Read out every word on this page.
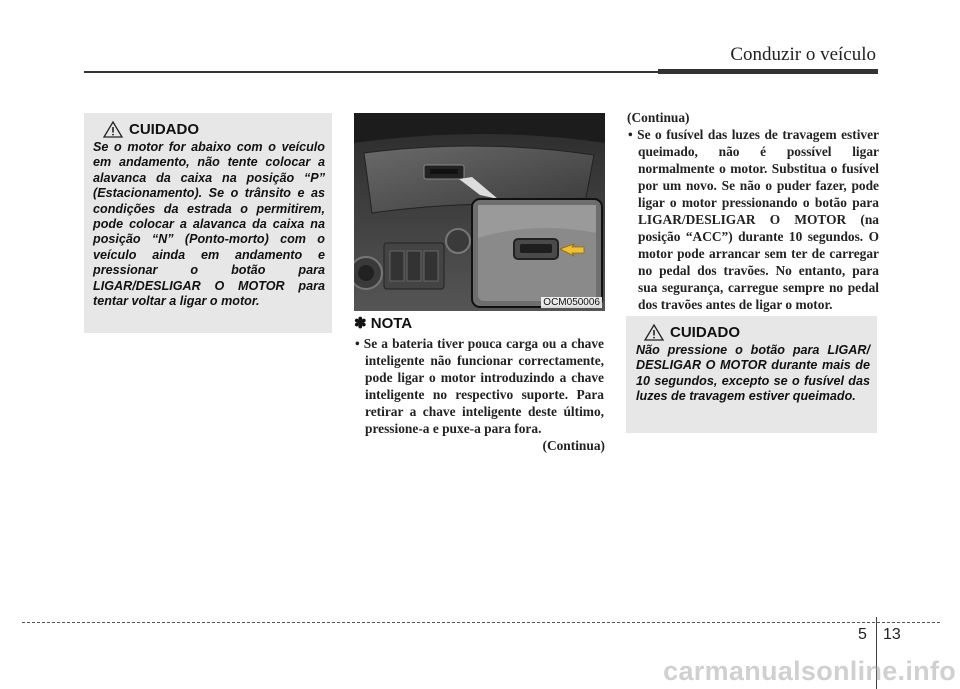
Conduzir o veículo
CUIDADO
Se o motor for abaixo com o veículo em andamento, não tente colocar a alavanca da caixa na posição “P” (Estacionamento). Se o trânsito e as condições da estrada o permitirem, pode colocar a alavanca da caixa na posição “N” (Ponto-morto) com o veículo ainda em andamento e pressionar o botão para LIGAR/DESLIGAR O MOTOR para tentar voltar a ligar o motor.	OCM050006
✽ NOTA
• Se a bateria tiver pouca carga ou a chave inteligente não funcionar correctamente, pode ligar o motor introduzindo a chave inteligente no respectivo suporte. Para retirar a chave inteligente deste último, pressione-a e puxe-a para fora.
(Continua)
(Continua)
• Se o fusível das luzes de travagem estiver queimado, não é possível ligar normalmente o motor. Substitua o fusível por um novo. Se não o puder fazer, pode ligar o motor pressionando o botão para LIGAR/DESLIGAR O MOTOR (na posição “ACC”) durante 10 segundos. O motor pode arrancar sem ter de carregar no pedal dos travões. No entanto, para sua segurança, carregue sempre no pedal dos travões antes de ligar o motor.
CUIDADO
Não pressione o botão para LIGAR/ DESLIGAR O MOTOR durante mais de 10 segundos, excepto se o fusível das luzes de travagem estiver queimado.
5 13
carmanualsonline.info
